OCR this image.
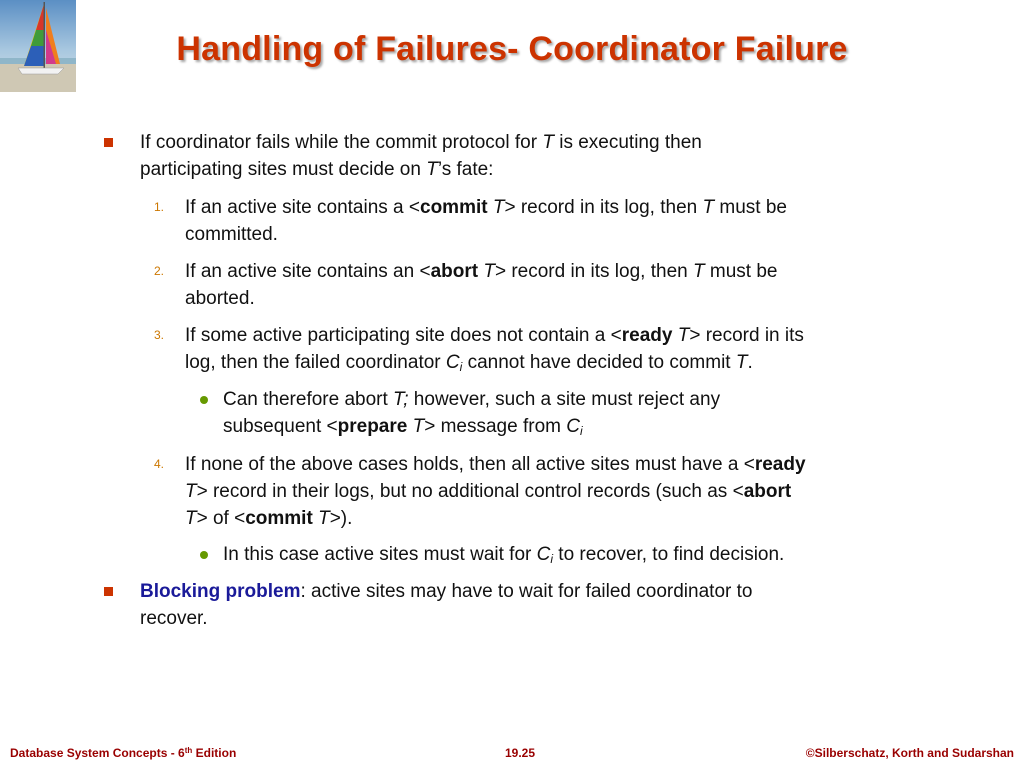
Handling of Failures- Coordinator Failure
If coordinator fails while the commit protocol for T is executing then
participating sites must decide on T’s fate:
1. If an active site contains a <commit T> record in its log, then T must be
committed.
2. If an active site contains an <abort T> record in its log, then T must be
aborted.
3. If some active participating site does not contain a <ready T> record in its
log, then the failed coordinator $C_i$ cannot have decided to commit T.
Can therefore abort T; however, such a site must reject any
subsequent <prepare T> message from $C_i$
4. If none of the above cases holds, then all active sites must have a <ready
T> record in their logs, but no additional control records (such as <abort
T> of <commit T>).
In this case active sites must wait for $C_i$ to recover, to find decision.
Blocking problem: active sites may have to wait for failed coordinator to
recover.
Database System Concepts - 6th Edition	19.25	©Silberschatz, Korth and Sudarshan
